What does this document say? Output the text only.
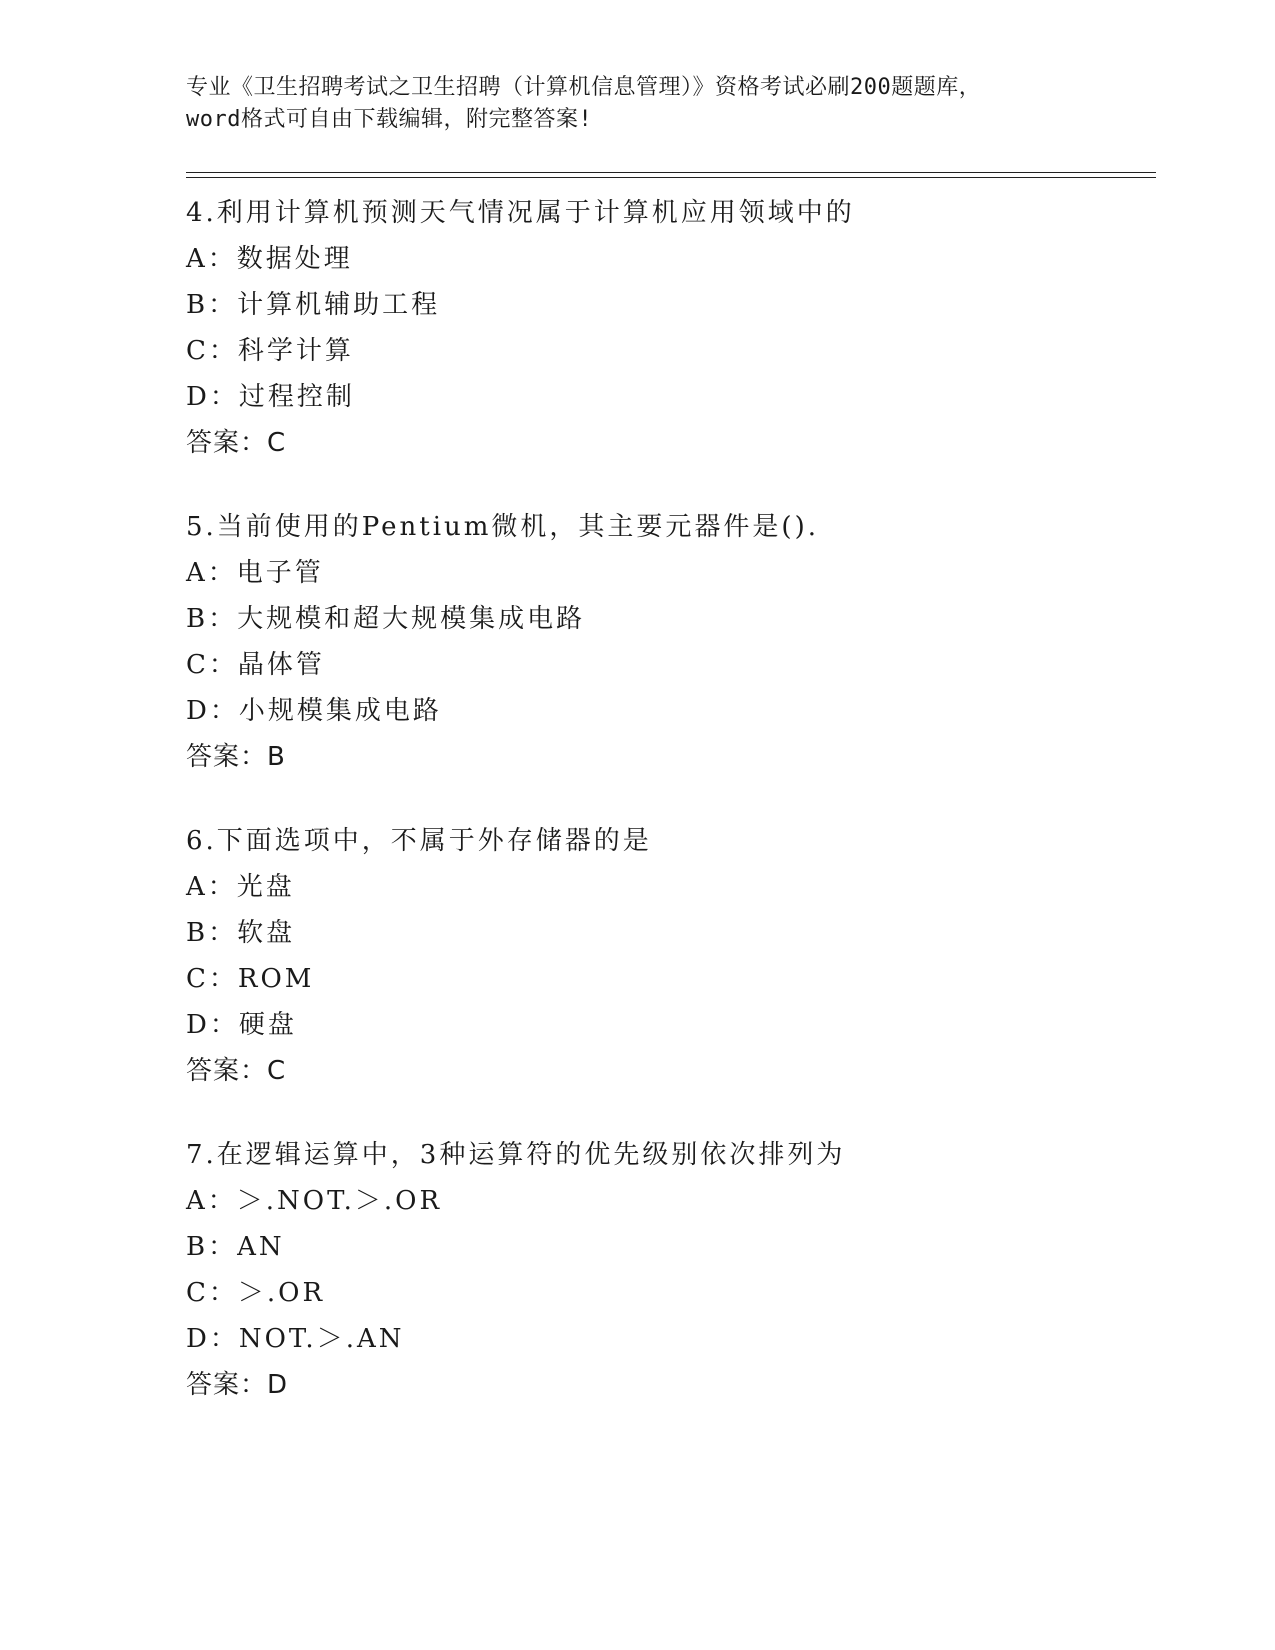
专业《卫生招聘考试之卫生招聘（计算机信息管理）》资格考试必刷200题题库，
word格式可自由下载编辑，附完整答案!
4.利用计算机预测天气情况属于计算机应用领域中的
A：数据处理
B：计算机辅助工程
C：科学计算
D：过程控制
答案：C
5.当前使用的Pentium微机，其主要元器件是().
A：电子管
B：大规模和超大规模集成电路
C：晶体管
D：小规模集成电路
答案：B
6.下面选项中，不属于外存储器的是
A：光盘
B：软盘
C：ROM
D：硬盘
答案：C
7.在逻辑运算中，3种运算符的优先级别依次排列为
A：＞.NOT.＞.OR
B：AN
C：＞.OR
D：NOT.＞.AN
答案：D
